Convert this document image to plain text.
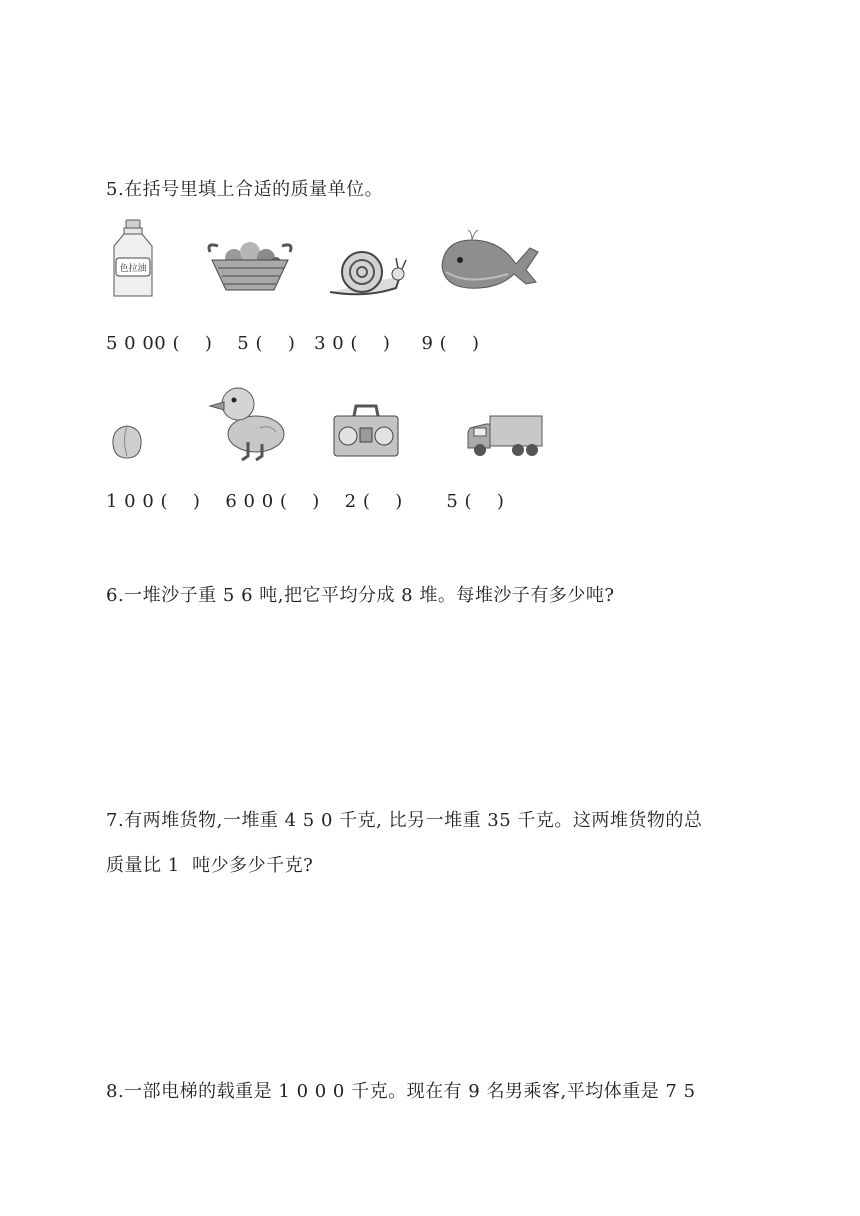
5.在括号里填上合适的质量单位。
色拉油
5 0 00 (    )    5 (    )   3 0 (    )     9 (    )
1 0 0 (    )    6 0 0 (    )    2 (    )       5 (    )
6.一堆沙子重 5 6 吨,把它平均分成 8 堆。每堆沙子有多少吨?
7.有两堆货物,一堆重 4 5 0 千克, 比另一堆重 35 千克。这两堆货物的总
质量比 1  吨少多少千克?
8.一部电梯的载重是 1 0 0 0 千克。现在有 9 名男乘客,平均体重是 7 5
